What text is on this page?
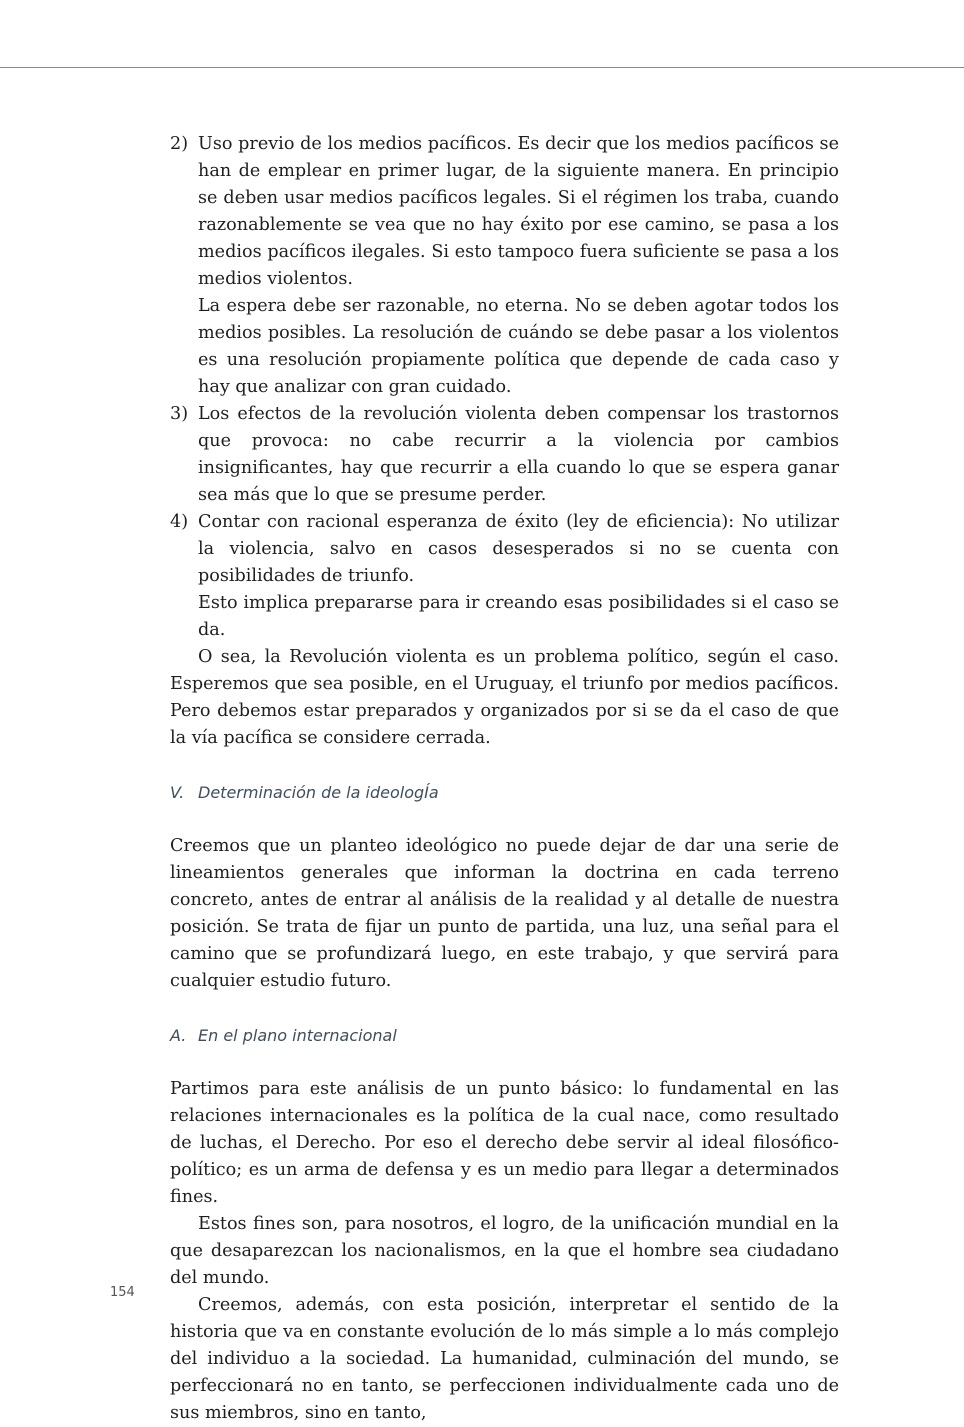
2) Uso previo de los medios pacíficos. Es decir que los medios pacíficos se han de emplear en primer lugar, de la siguiente manera. En principio se deben usar medios pacíficos legales. Si el régimen los traba, cuando razonablemente se vea que no hay éxito por ese camino, se pasa a los medios pacíficos ilegales. Si esto tampoco fuera suficiente se pasa a los medios violentos.

La espera debe ser razonable, no eterna. No se deben agotar todos los medios posibles. La resolución de cuándo se debe pasar a los violentos es una resolución propiamente política que depende de cada caso y hay que analizar con gran cuidado.

3) Los efectos de la revolución violenta deben compensar los trastornos que provoca: no cabe recurrir a la violencia por cambios insignificantes, hay que recurrir a ella cuando lo que se espera ganar sea más que lo que se presume perder.

4) Contar con racional esperanza de éxito (ley de eficiencia): No utilizar la violencia, salvo en casos desesperados si no se cuenta con posibilidades de triunfo.

Esto implica prepararse para ir creando esas posibilidades si el caso se da.

O sea, la Revolución violenta es un problema político, según el caso. Esperemos que sea posible, en el Uruguay, el triunfo por medios pacíficos. Pero debemos estar preparados y organizados por si se da el caso de que la vía pacífica se considere cerrada.

V. Determinación de la ideologÍa

Creemos que un planteo ideológico no puede dejar de dar una serie de lineamientos generales que informan la doctrina en cada terreno concreto, antes de entrar al análisis de la realidad y al detalle de nuestra posición. Se trata de fijar un punto de partida, una luz, una señal para el camino que se profundizará luego, en este trabajo, y que servirá para cualquier estudio futuro.

A. En el plano internacional

Partimos para este análisis de un punto básico: lo fundamental en las relaciones internacionales es la política de la cual nace, como resultado de luchas, el Derecho. Por eso el derecho debe servir al ideal filosófico-político; es un arma de defensa y es un medio para llegar a determinados fines.

Estos fines son, para nosotros, el logro, de la unificación mundial en la que desaparezcan los nacionalismos, en la que el hombre sea ciudadano del mundo.

Creemos, además, con esta posición, interpretar el sentido de la historia que va en constante evolución de lo más simple a lo más complejo del individuo a la sociedad. La humanidad, culminación del mundo, se perfeccionará no en tanto, se perfeccionen individualmente cada uno de sus miembros, sino en tanto,

154
